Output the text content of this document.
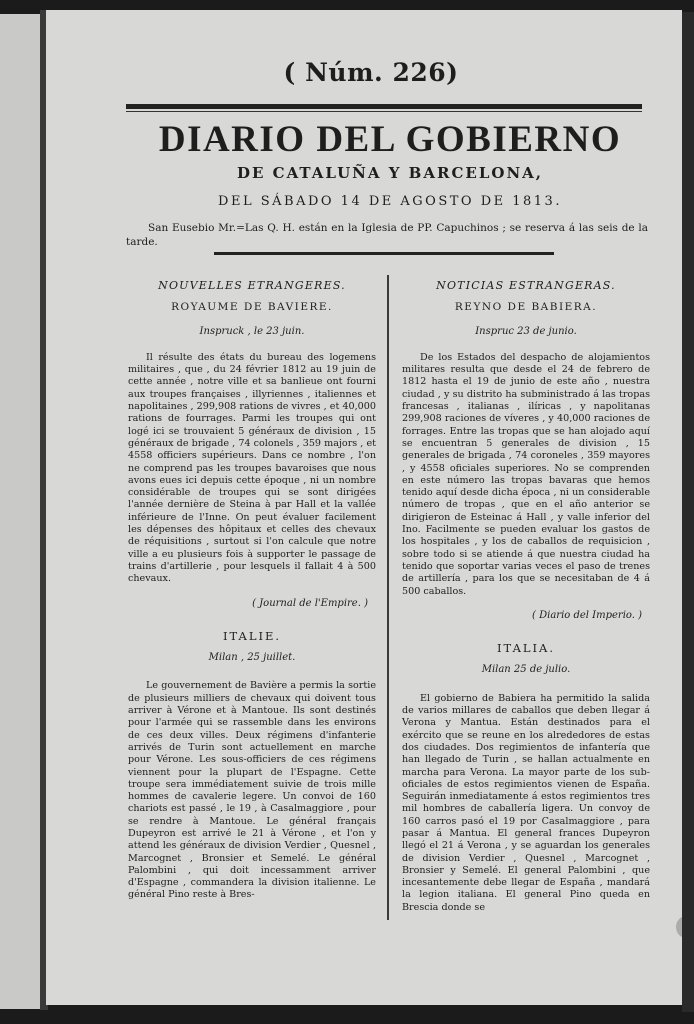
( Núm. 226)
DIARIO DEL GOBIERNO
DE CATALUÑA Y BARCELONA,
DEL SÁBADO 14 DE AGOSTO DE 1813.
San Eusebio Mr.=Las Q. H. están en la Iglesia de PP. Capuchinos ; se reserva á las seis de la tarde.
NOUVELLES ETRANGERES.
ROYAUME DE BAVIERE.
Inspruck , le 23 juin.

Il résulte des états du bureau des logemens militaires , que , du 24 février 1812 au 19 juin de cette année , notre ville et sa banlieue ont fourni aux troupes françaises , illyriennes , italiennes et napolitaines , 299,908 rations de vivres , et 40,000 rations de fourrages. Parmi les troupes qui ont logé ici se trouvaient 5 généraux de division , 15 généraux de brigade , 74 colonels , 359 majors , et 4558 officiers supérieurs. Dans ce nombre , l'on ne comprend pas les troupes bavaroises que nous avons eues ici depuis cette époque , ni un nombre considérable de troupes qui se sont dirigées l'année dernière de Steina à par Hall et la vallée inférieure de l'Inne. On peut évaluer facilement les dépenses des hôpitaux et celles des chevaux de réquisitions , surtout si l'on calcule que notre ville a eu plusieurs fois à supporter le passage de trains d'artillerie , pour lesquels il fallait 4 à 500 chevaux.

( Journal de l'Empire. )
ITALIE.
Milan , 25 juillet.

Le gouvernement de Bavière a permis la sortie de plusieurs milliers de chevaux qui doivent tous arriver à Vérone et à Mantoue. Ils sont destinés pour l'armée qui se rassemble dans les environs de ces deux villes. Deux régimens d'infanterie arrivés de Turin sont actuellement en marche pour Vérone. Les sous-officiers de ces régimens viennent pour la plupart de l'Espagne. Cette troupe sera immédiatement suivie de trois mille hommes de cavalerie legere. Un convoi de 160 chariots est passé , le 19 , à Casalmaggiore , pour se rendre à Mantoue. Le général français Dupeyron est arrivé le 21 à Vérone , et l'on y attend les généraux de division Verdier , Quesnel , Marcognet , Bronsier et Semelé. Le général Palombini , qui doit incessamment arriver d'Espagne , commandera la division italienne. Le général Pino reste à Bres-

NOTICIAS ESTRANGERAS.
REYNO DE BABIERA.
Inspruc 23 de junio.

De los Estados del despacho de alojamientos militares resulta que desde el 24 de febrero de 1812 hasta el 19 de junio de este año , nuestra ciudad , y su distrito ha subministrado á las tropas francesas , italianas , ilíricas , y napolitanas 299,908 raciones de víveres , y 40,000 raciones de forrages. Entre las tropas que se han alojado aquí se encuentran 5 generales de division , 15 generales de brigada , 74 coroneles , 359 mayores , y 4558 oficiales superiores. No se comprenden en este número las tropas bavaras que hemos tenido aquí desde dicha época , ni un considerable número de tropas , que en el año anterior se dirigieron de Esteinac á Hall , y valle inferior del Ino. Facilmente se pueden evaluar los gastos de los hospitales , y los de caballos de requisicion , sobre todo si se atiende á que nuestra ciudad ha tenido que soportar varias veces el paso de trenes de artillería , para los que se necesitaban de 4 á 500 caballos.

( Diario del Imperio. )
ITALIA.
Milan 25 de julio.

El gobierno de Babiera ha permitido la salida de varios millares de caballos que deben llegar á Verona y Mantua. Están destinados para el exército que se reune en los alrededores de estas dos ciudades. Dos regimientos de infantería que han llegado de Turin , se hallan actualmente en marcha para Verona. La mayor parte de los sub-oficiales de estos regimientos vienen de España. Seguirán inmediatamente á estos regimientos tres mil hombres de caballería ligera. Un convoy de 160 carros pasó el 19 por Casalmaggiore , para pasar á Mantua. El general frances Dupeyron llegó el 21 á Verona , y se aguardan los generales de division Verdier , Quesnel , Marcognet , Bronsier y Semelé. El general Palombini , que incesantemente debe llegar de España , mandará la legion italiana. El general Pino queda en Brescia donde se
